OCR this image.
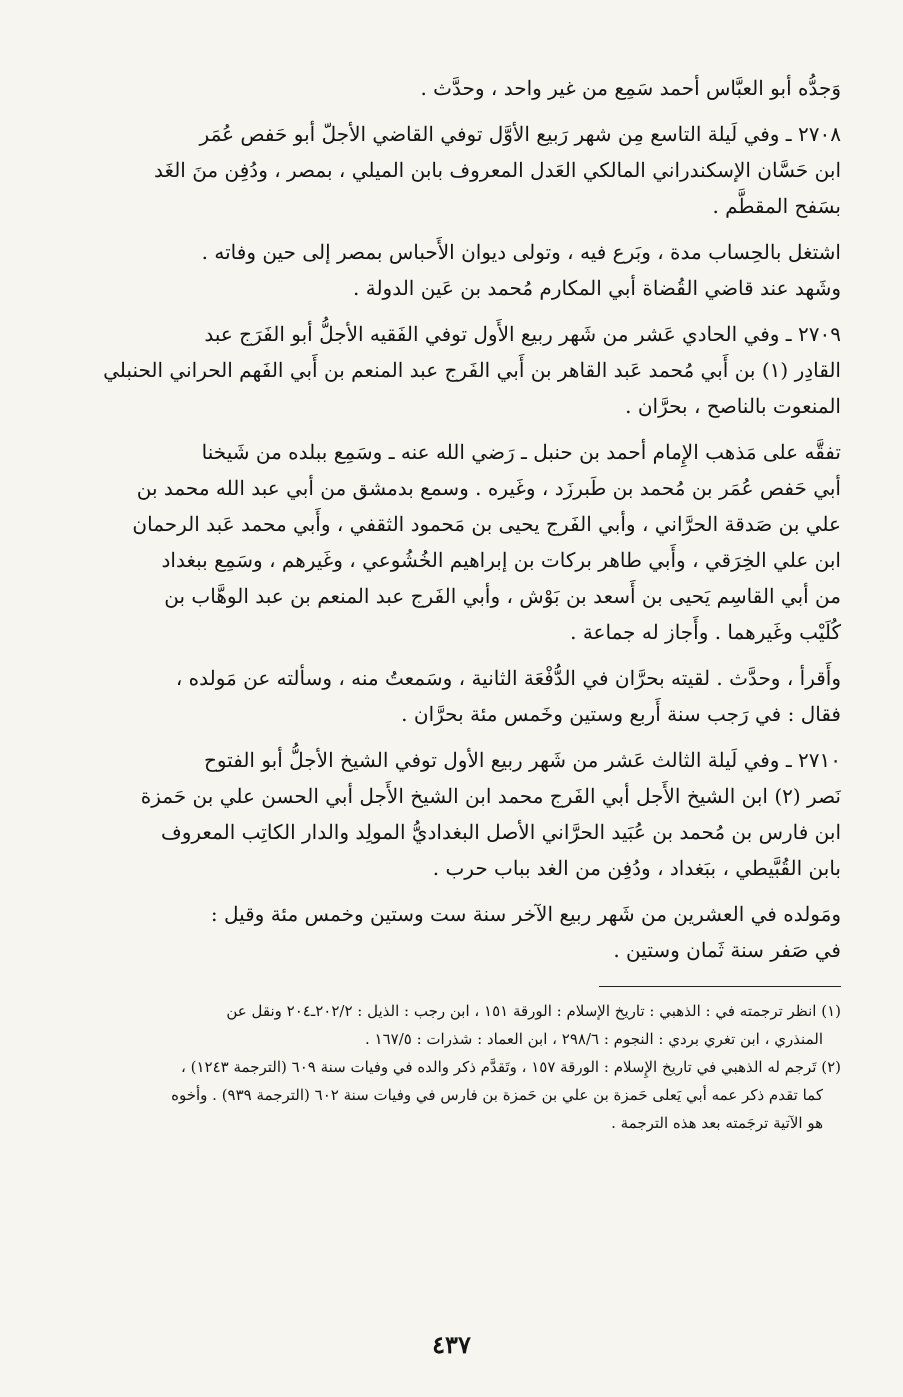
وَجدُّه أبو العبَّاس أحمد سَمِع من غير واحد ، وحدَّث .
٢٧٠٨ ـ وفي لَيلة التاسع مِن شهر رَبيع الأوَّل توفي القاضي الأجلّ أبو حَفص عُمَر
ابن حَسَّان الإسكندراني المالكي العَدل المعروف بابن الميلي ، بمصر ، ودُفِن منَ الغَد
بسَفح المقطَّم .
اشتغل بالحِساب مدة ، وبَرع فيه ، وتولى ديوان الأَحباس بمصر إلى حين وفاته .
وشَهد عند قاضي القُضاة أبي المكارم مُحمد بن عَين الدولة .
٢٧٠٩ ـ وفي الحادي عَشر من شَهر ربيع الأَول توفي الفَقيه الأجلُّ أبو الفَرَج عبد
القادِر (١) بن أَبي مُحمد عَبد القاهر بن أَبي الفَرج عبد المنعم بن أَبي الفَهم الحراني الحنبلي
المنعوت بالناصح ، بحرَّان .
تفقَّه على مَذهب الإِمام أحمد بن حنبل ـ رَضي الله عنه ـ وسَمِع ببلده من شَيخنا
أبي حَفص عُمَر بن مُحمد بن طَبرزَد ، وغَيره . وسمع بدمشق من أبي عبد الله محمد بن
علي بن صَدقة الحرَّاني ، وأبي الفَرج يحيى بن مَحمود الثقفي ، وأَبي محمد عَبد الرحمان
ابن علي الخِرَقي ، وأَبي طاهر بركات بن إبراهيم الخُشُوعي ، وغَيرهم ، وسَمِع ببغداد
من أبي القاسِم يَحيى بن أَسعد بن بَوْش ، وأبي الفَرج عبد المنعم بن عبد الوهَّاب بن
كُلَيْب وغَيرهما . وأَجاز له جماعة .
وأَقرأ ، وحدَّث . لقيته بحرَّان في الدُّفْعَة الثانية ، وسَمعتُ منه ، وسألته عن مَولده ،
فقال : في رَجب سنة أَربع وستين وخَمس مئة بحرَّان .
٢٧١٠ ـ وفي لَيلة الثالث عَشر من شَهر ربيع الأول توفي الشيخ الأجلُّ أبو الفتوح
نَصر (٢) ابن الشيخ الأَجل أبي الفَرج محمد ابن الشيخ الأَجل أبي الحسن علي بن حَمزة
ابن فارس بن مُحمد بن عُبَيد الحرَّاني الأصل البغداديُّ المولِد والدار الكاتِب المعروف
بابن القُبَّيطي ، ببَغداد ، ودُفِن من الغد بباب حرب .
ومَولده في العشرين من شَهر ربيع الآخر سنة ست وستين وخمس مئة وقيل :
في صَفر سنة ثَمان وستين .
(١) انظر ترجمته في : الذهبي : تاريخ الإسلام : الورقة ١٥١ ، ابن رجب : الذيل : ٢٠٢/٢ـ٢٠٤ ونقل عن
المنذري ، ابن تغري بردي : النجوم : ٢٩٨/٦ ، ابن العماد : شذرات : ١٦٧/٥ .
(٢) تَرجم له الذهبي في تاريخ الإِسلام : الورقة ١٥٧ ، وتَقدَّم ذكر والده في وفيات سنة ٦٠٩ (الترجمة ١٢٤٣) ،
كما تقدم ذكر عمه أبي يَعلى حَمزة بن علي بن حَمزة بن فارس في وفيات سنة ٦٠٢ (الترجمة ٩٣٩) . وأخوه
هو الآتية ترجَمته بعد هذه الترجمة .
٤٣٧
